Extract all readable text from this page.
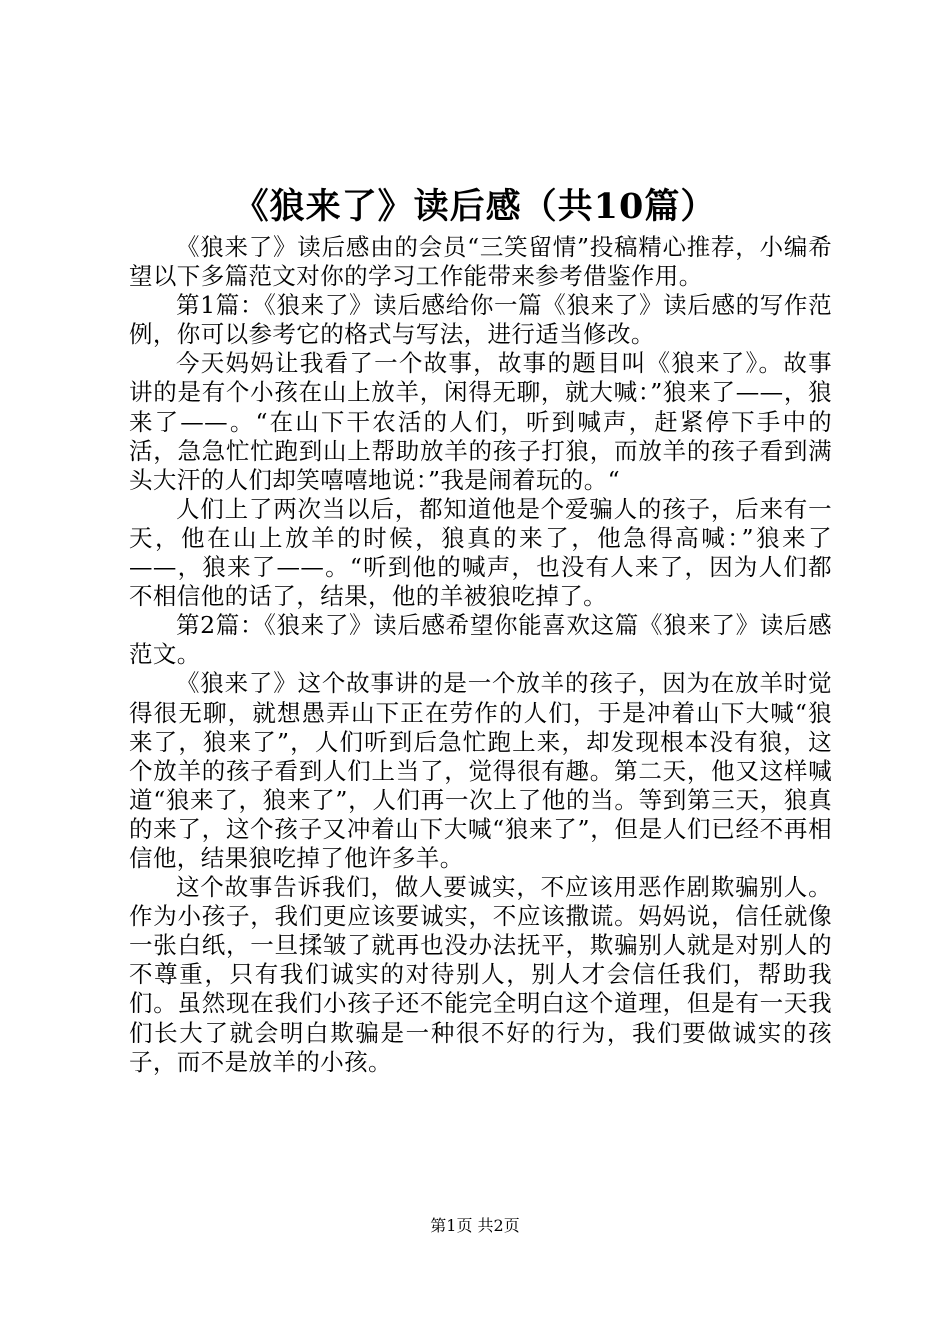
《狼来了》读后感（共10篇）

《狼来了》读后感由的会员“三笑留情”投稿精心推荐，小编希望以下多篇范文对你的学习工作能带来参考借鉴作用。

第1篇：《狼来了》读后感给你一篇《狼来了》读后感的写作范例，你可以参考它的格式与写法，进行适当修改。

今天妈妈让我看了一个故事，故事的题目叫《狼来了》。故事讲的是有个小孩在山上放羊，闲得无聊，就大喊：”狼来了——，狼来了——。“在山下干农活的人们，听到喊声，赶紧停下手中的活，急急忙忙跑到山上帮助放羊的孩子打狼，而放羊的孩子看到满头大汗的人们却笑嘻嘻地说：”我是闹着玩的。“

人们上了两次当以后，都知道他是个爱骗人的孩子，后来有一天，他在山上放羊的时候，狼真的来了，他急得高喊：”狼来了——，狼来了——。“听到他的喊声，也没有人来了，因为人们都不相信他的话了，结果，他的羊被狼吃掉了。

第2篇：《狼来了》读后感希望你能喜欢这篇《狼来了》读后感范文。

《狼来了》这个故事讲的是一个放羊的孩子，因为在放羊时觉得很无聊，就想愚弄山下正在劳作的人们，于是冲着山下大喊“狼来了，狼来了”，人们听到后急忙跑上来，却发现根本没有狼，这个放羊的孩子看到人们上当了，觉得很有趣。第二天，他又这样喊道“狼来了，狼来了”，人们再一次上了他的当。等到第三天，狼真的来了，这个孩子又冲着山下大喊“狼来了”，但是人们已经不再相信他，结果狼吃掉了他许多羊。

这个故事告诉我们，做人要诚实，不应该用恶作剧欺骗别人。作为小孩子，我们更应该要诚实，不应该撒谎。妈妈说，信任就像一张白纸，一旦揉皱了就再也没办法抚平，欺骗别人就是对别人的不尊重，只有我们诚实的对待别人，别人才会信任我们，帮助我们。虽然现在我们小孩子还不能完全明白这个道理，但是有一天我们长大了就会明白欺骗是一种很不好的行为，我们要做诚实的孩子，而不是放羊的小孩。

第1页 共2页
